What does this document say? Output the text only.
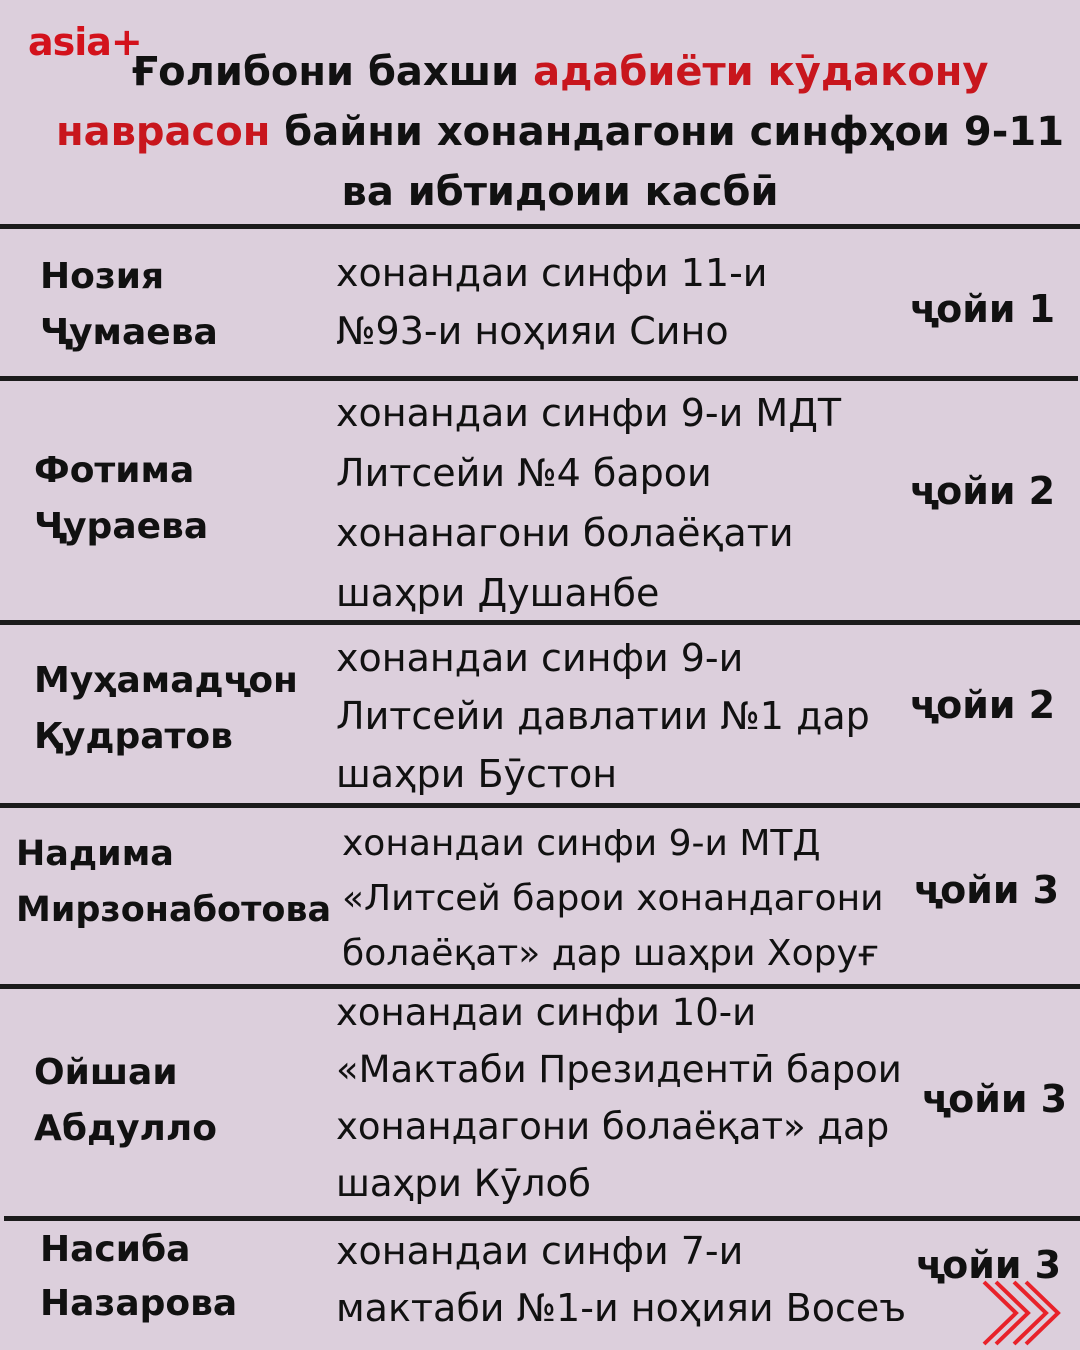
asia+
Ғолибони бахши адабиёти кӯдакону
наврасон байни хонандагони синфҳои 9-11
ва ибтидоии касбӣ
Нозия
Ҷумаева
хонандаи синфи 11-и
№93-и ноҳияи Сино	ҷойи 1
Фотима
Ҷураева
хонандаи синфи 9-и МДТ
Литсейи №4 барои
хонанагони болаёқати
шаҳри Душанбе
ҷойи 2
Муҳамадҷон
Қудратов
хонандаи синфи 9-и
Литсейи давлатии №1 дар
шаҳри Бӯстон
ҷойи 2
Надима
Мирзонаботова
хонандаи синфи 9-и МТД
«Литсей барои хонандагони
болаёқат» дар шаҳри Хоруғ
ҷойи 3
Ойшаи
Абдулло
хонандаи синфи 10-и
«Мактаби Президентӣ барои
хонандагони болаёқат» дар
шаҳри Кӯлоб
ҷойи 3
Насиба
Назарова
хонандаи синфи 7-и
мактаби №1-и ноҳияи Восеъ
ҷойи 3
